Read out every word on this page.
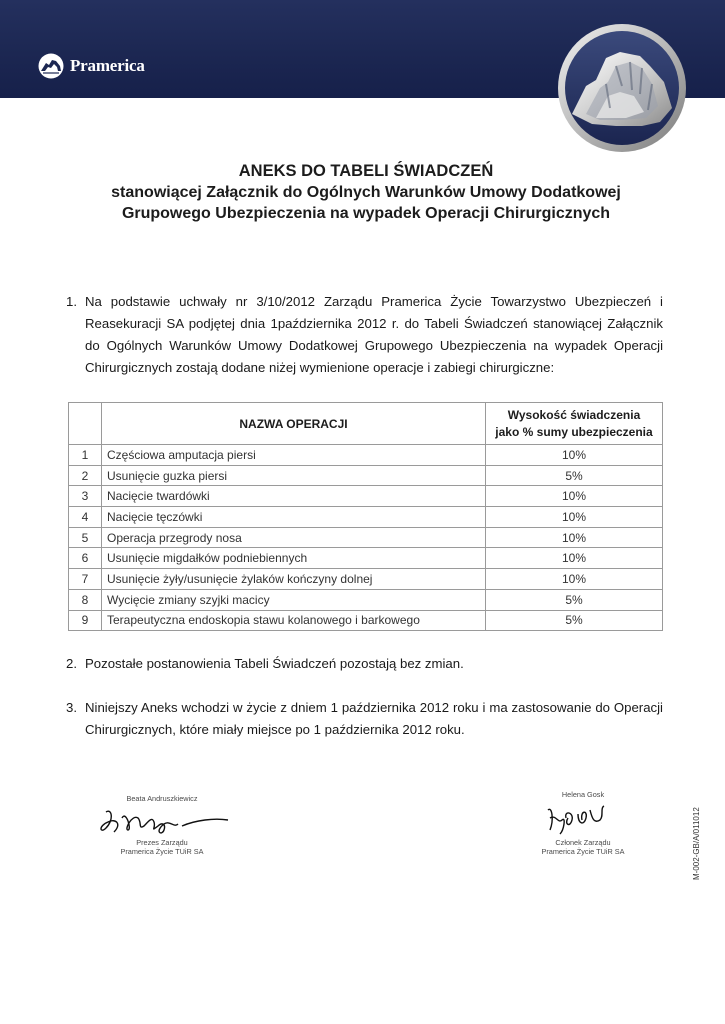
Pramerica
ANEKS DO TABELI ŚWIADCZEŃ
stanowiącej Załącznik do Ogólnych Warunków Umowy Dodatkowej
Grupowego Ubezpieczenia na wypadek Operacji Chirurgicznych
1. Na podstawie uchwały nr 3/10/2012 Zarządu Pramerica Życie Towarzystwo Ubezpieczeń i Reasekuracji SA podjętej dnia 1października 2012 r. do Tabeli Świadczeń stanowiącej Załącznik do Ogólnych Warunków Umowy Dodatkowej Grupowego Ubezpieczenia na wypadek Operacji Chirurgicznych zostają dodane niżej wymienione operacje i zabiegi chirurgiczne:
	NAZWA OPERACJI	Wysokość świadczenia
jako % sumy ubezpieczenia

1	Częściowa amputacja piersi	10%
2	Usunięcie guzka piersi	5%
3	Nacięcie twardówki	10%
4	Nacięcie tęczówki	10%
5	Operacja przegrody nosa	10%
6	Usunięcie migdałków podniebiennych	10%
7	Usunięcie żyły/usunięcie żylaków kończyny dolnej	10%
8	Wycięcie zmiany szyjki macicy	5%
9	Terapeutyczna endoskopia stawu kolanowego i barkowego	5%
2. Pozostałe postanowienia Tabeli Świadczeń pozostają bez zmian.
3. Niniejszy Aneks wchodzi w życie z dniem 1 października 2012 roku i ma zastosowanie do Operacji Chirurgicznych, które miały miejsce po 1 października 2012 roku.
Beata Andruszkiewicz
Prezes Zarządu
Pramerica Życie TUiR SA
Helena Gosk
Członek Zarządu
Pramerica Życie TUiR SA	M-002-GB/A/011012
